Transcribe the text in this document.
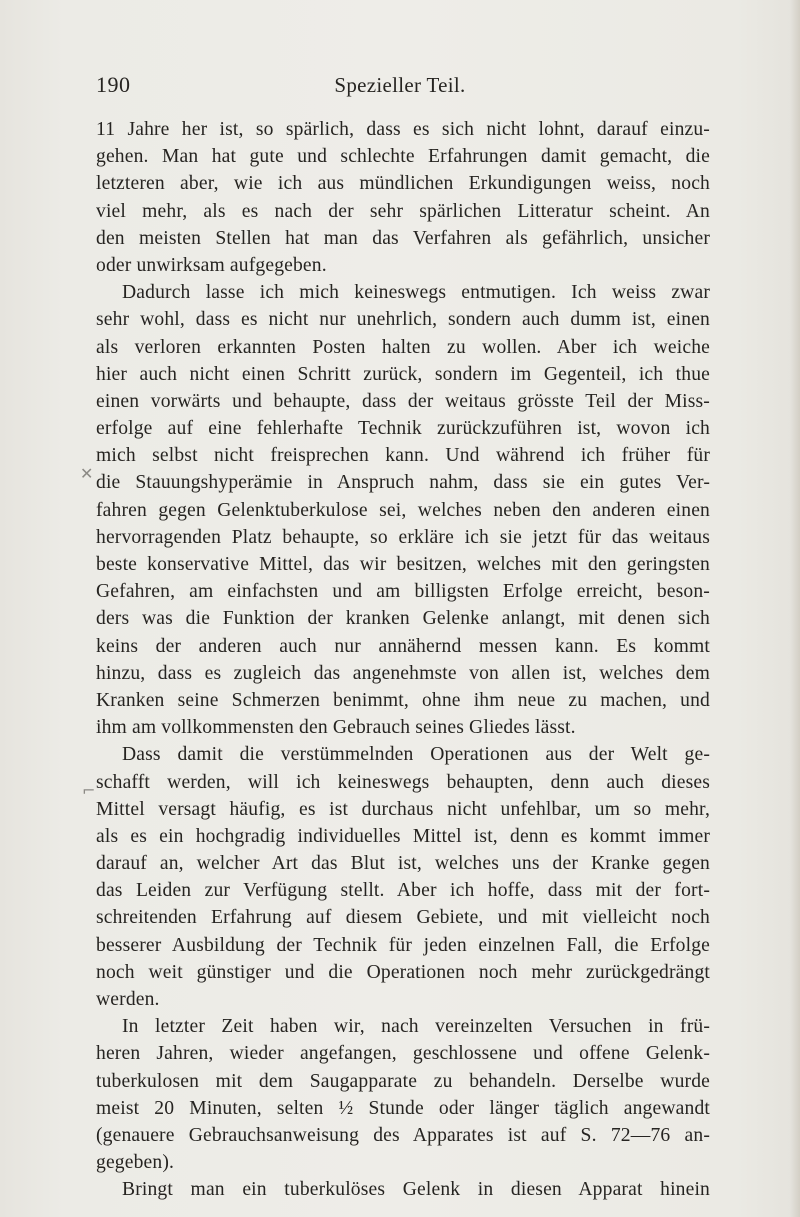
190	Spezieller Teil.
11 Jahre her ist, so spärlich, dass es sich nicht lohnt, darauf einzu-
gehen. Man hat gute und schlechte Erfahrungen damit gemacht, die
letzteren aber, wie ich aus mündlichen Erkundigungen weiss, noch
viel mehr, als es nach der sehr spärlichen Litteratur scheint. An
den meisten Stellen hat man das Verfahren als gefährlich, unsicher
oder unwirksam aufgegeben.
Dadurch lasse ich mich keineswegs entmutigen. Ich weiss zwar
sehr wohl, dass es nicht nur unehrlich, sondern auch dumm ist, einen
als verloren erkannten Posten halten zu wollen. Aber ich weiche
hier auch nicht einen Schritt zurück, sondern im Gegenteil, ich thue
einen vorwärts und behaupte, dass der weitaus grösste Teil der Miss-
erfolge auf eine fehlerhafte Technik zurückzuführen ist, wovon ich
mich selbst nicht freisprechen kann. Und während ich früher für
die Stauungshyperämie in Anspruch nahm, dass sie ein gutes Ver-
fahren gegen Gelenktuberkulose sei, welches neben den anderen einen
hervorragenden Platz behaupte, so erkläre ich sie jetzt für das weitaus
beste konservative Mittel, das wir besitzen, welches mit den geringsten
Gefahren, am einfachsten und am billigsten Erfolge erreicht, beson-
ders was die Funktion der kranken Gelenke anlangt, mit denen sich
keins der anderen auch nur annähernd messen kann. Es kommt
hinzu, dass es zugleich das angenehmste von allen ist, welches dem
Kranken seine Schmerzen benimmt, ohne ihm neue zu machen, und
ihm am vollkommensten den Gebrauch seines Gliedes lässt.
Dass damit die verstümmelnden Operationen aus der Welt ge-
schafft werden, will ich keineswegs behaupten, denn auch dieses
Mittel versagt häufig, es ist durchaus nicht unfehlbar, um so mehr,
als es ein hochgradig individuelles Mittel ist, denn es kommt immer
darauf an, welcher Art das Blut ist, welches uns der Kranke gegen
das Leiden zur Verfügung stellt. Aber ich hoffe, dass mit der fort-
schreitenden Erfahrung auf diesem Gebiete, und mit vielleicht noch
besserer Ausbildung der Technik für jeden einzelnen Fall, die Erfolge
noch weit günstiger und die Operationen noch mehr zurückgedrängt
werden.
In letzter Zeit haben wir, nach vereinzelten Versuchen in frü-
heren Jahren, wieder angefangen, geschlossene und offene Gelenk-
tuberkulosen mit dem Saugapparate zu behandeln. Derselbe wurde
meist 20 Minuten, selten ½ Stunde oder länger täglich angewandt
(genauere Gebrauchsanweisung des Apparates ist auf S. 72—76 an-
gegeben).
Bringt man ein tuberkulöses Gelenk in diesen Apparat hinein
✕
⌐
